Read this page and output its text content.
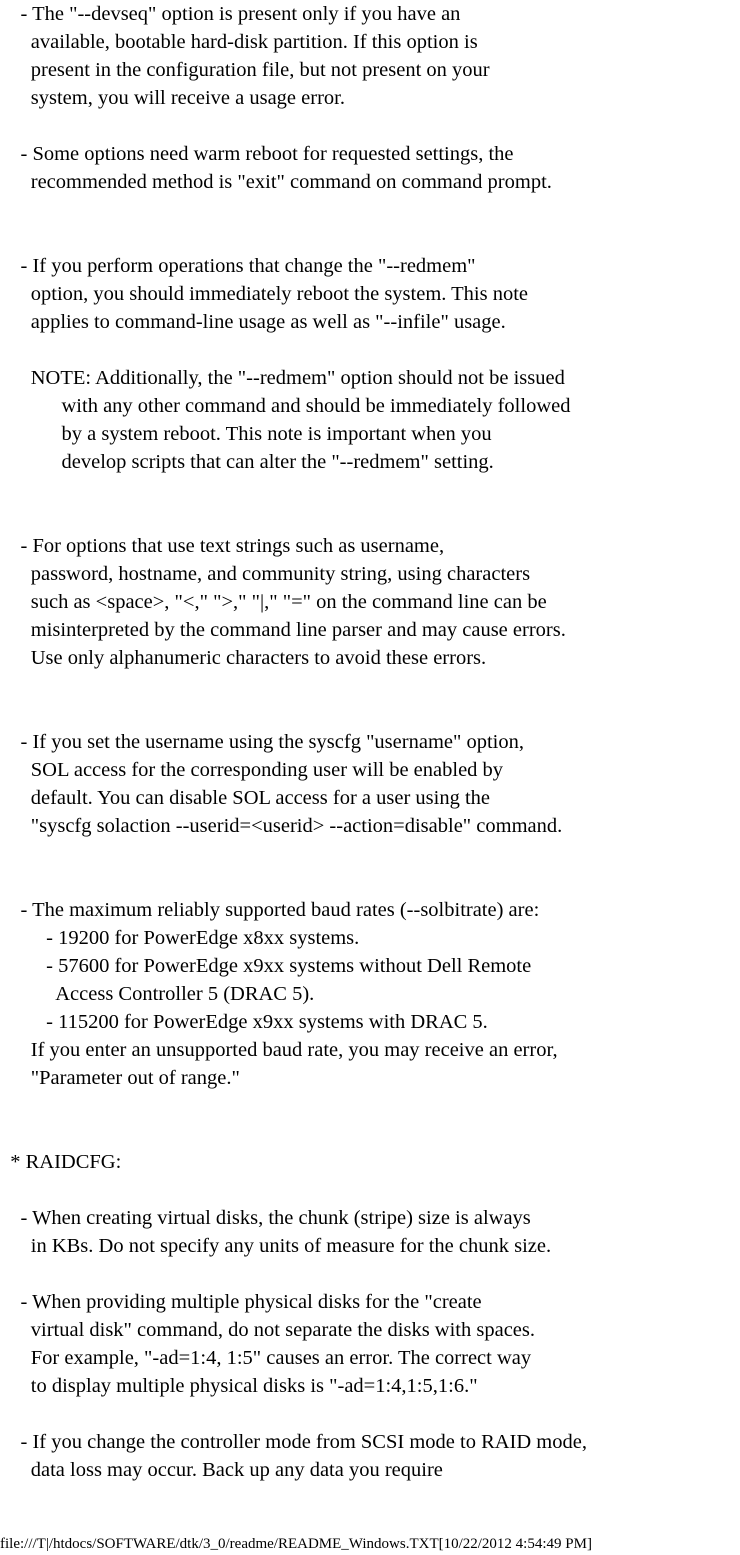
- The "--devseq" option is present only if you have an
available, bootable hard-disk partition. If this option is
present in the configuration file, but not present on your
system, you will receive a usage error.
- Some options need warm reboot for requested settings, the
recommended method is "exit" command on command prompt.
- If you perform operations that change the "--redmem"
option, you should immediately reboot the system. This note
applies to command-line usage as well as "--infile" usage.
NOTE: Additionally, the "--redmem" option should not be issued
with any other command and should be immediately followed
by a system reboot. This note is important when you
develop scripts that can alter the "--redmem" setting.
- For options that use text strings such as username,
password, hostname, and community string, using characters
such as <space>, "<," ">," "|," "=" on the command line can be
misinterpreted by the command line parser and may cause errors.
Use only alphanumeric characters to avoid these errors.
- If you set the username using the syscfg "username" option,
SOL access for the corresponding user will be enabled by
default. You can disable SOL access for a user using the
"syscfg solaction --userid=<userid> --action=disable" command.
- The maximum reliably supported baud rates (--solbitrate) are:
- 19200 for PowerEdge x8xx systems.
- 57600 for PowerEdge x9xx systems without Dell Remote
Access Controller 5 (DRAC 5).
- 115200 for PowerEdge x9xx systems with DRAC 5.
If you enter an unsupported baud rate, you may receive an error,
"Parameter out of range."
* RAIDCFG:
- When creating virtual disks, the chunk (stripe) size is always
in KBs. Do not specify any units of measure for the chunk size.
- When providing multiple physical disks for the "create
virtual disk" command, do not separate the disks with spaces.
For example, "-ad=1:4, 1:5" causes an error. The correct way
to display multiple physical disks is "-ad=1:4,1:5,1:6."
- If you change the controller mode from SCSI mode to RAID mode,
data loss may occur. Back up any data you require
file:///T|/htdocs/SOFTWARE/dtk/3_0/readme/README_Windows.TXT[10/22/2012 4:54:49 PM]
